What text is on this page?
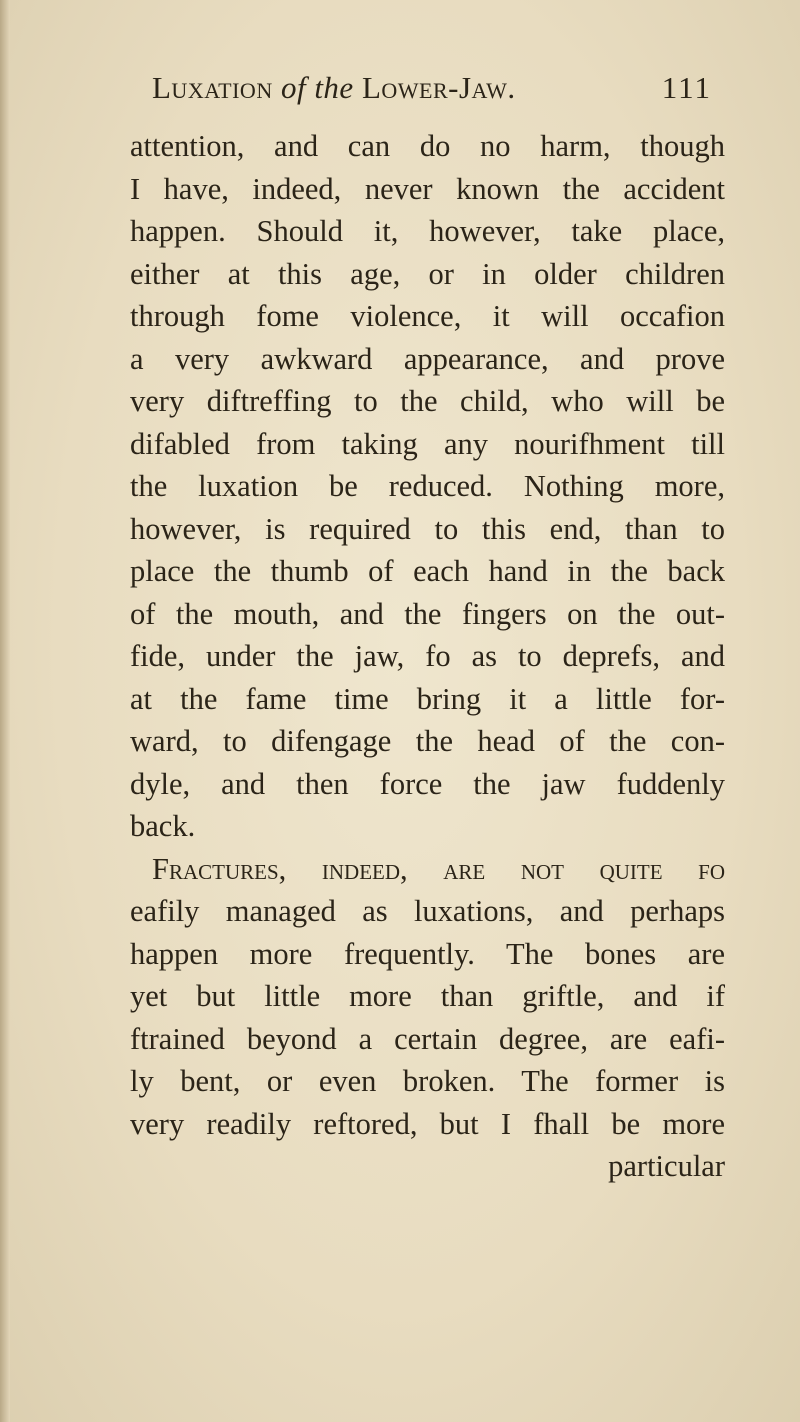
Luxation of the Lower-Jaw.	111
attention, and can do no harm, though
I have, indeed, never known the accident
happen. Should it, however, take place,
either at this age, or in older children
through fome violence, it will occafion
a very awkward appearance, and prove
very diftreffing to the child, who will be
difabled from taking any nourifhment till
the luxation be reduced. Nothing more,
however, is required to this end, than to
place the thumb of each hand in the back
of the mouth, and the fingers on the out-
fide, under the jaw, fo as to deprefs, and
at the fame time bring it a little for-
ward, to difengage the head of the con-
dyle, and then force the jaw fuddenly
back.
Fractures, indeed, are not quite fo
eafily managed as luxations, and perhaps
happen more frequently. The bones are
yet but little more than griftle, and if
ftrained beyond a certain degree, are eafi-
ly bent, or even broken. The former is
very readily reftored, but I fhall be more
particular
